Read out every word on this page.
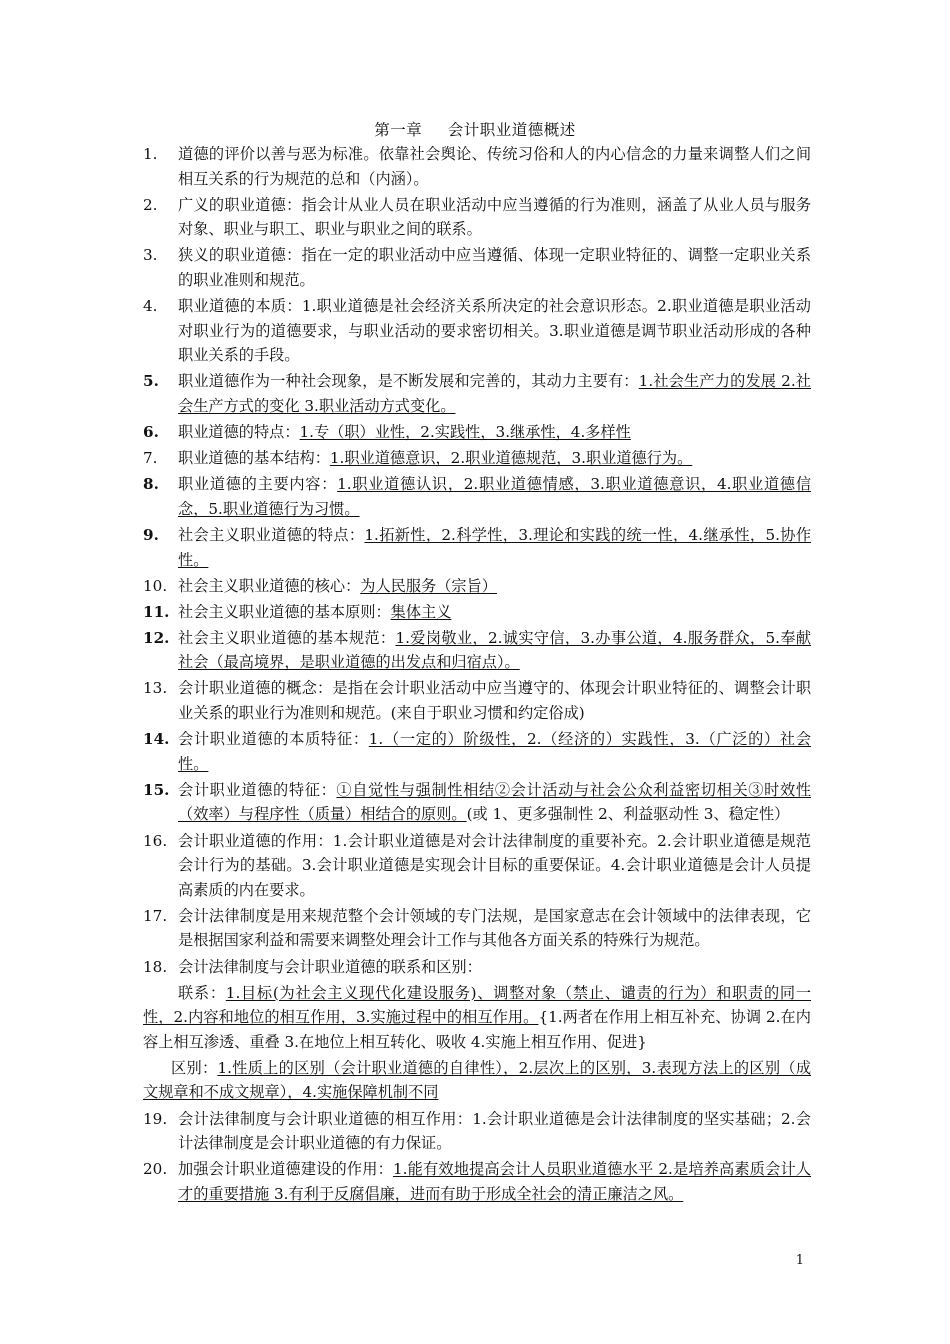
第一章 会计职业道德概述
1.	道德的评价以善与恶为标准。依靠社会舆论、传统习俗和人的内心信念的力量来调整人们之间相互关系的行为规范的总和（内涵）。
2.	广义的职业道德：指会计从业人员在职业活动中应当遵循的行为准则，涵盖了从业人员与服务对象、职业与职工、职业与职业之间的联系。
3.	狭义的职业道德：指在一定的职业活动中应当遵循、体现一定职业特征的、调整一定职业关系的职业准则和规范。
4.	职业道德的本质：1.职业道德是社会经济关系所决定的社会意识形态。2.职业道德是职业活动对职业行为的道德要求，与职业活动的要求密切相关。3.职业道德是调节职业活动形成的各种职业关系的手段。
5.	职业道德作为一种社会现象，是不断发展和完善的，其动力主要有：1.社会生产力的发展 2.社会生产方式的变化 3.职业活动方式变化。
6.	职业道德的特点：1.专（职）业性，2.实践性，3.继承性，4.多样性
7.	职业道德的基本结构：1.职业道德意识，2.职业道德规范，3.职业道德行为。
8.	职业道德的主要内容：1.职业道德认识，2.职业道德情感，3.职业道德意识，4.职业道德信念，5.职业道德行为习惯。
9.	社会主义职业道德的特点：1.拓新性，2.科学性，3.理论和实践的统一性，4.继承性，5.协作性。
10. 社会主义职业道德的核心：为人民服务（宗旨）
11. 社会主义职业道德的基本原则：集体主义
12. 社会主义职业道德的基本规范：1.爱岗敬业，2.诚实守信，3.办事公道，4.服务群众，5.奉献社会（最高境界，是职业道德的出发点和归宿点）。
13. 会计职业道德的概念：是指在会计职业活动中应当遵守的、体现会计职业特征的、调整会计职业关系的职业行为准则和规范。(来自于职业习惯和约定俗成)
14. 会计职业道德的本质特征：1.（一定的）阶级性，2.（经济的）实践性，3.（广泛的）社会性。
15. 会计职业道德的特征：①自觉性与强制性相结②会计活动与社会公众利益密切相关③时效性（效率）与程序性（质量）相结合的原则。(或 1、更多强制性 2、利益驱动性 3、稳定性）
16. 会计职业道德的作用：1.会计职业道德是对会计法律制度的重要补充。2.会计职业道德是规范会计行为的基础。3.会计职业道德是实现会计目标的重要保证。4.会计职业道德是会计人员提高素质的内在要求。
17. 会计法律制度是用来规范整个会计领域的专门法规，是国家意志在会计领域中的法律表现，它是根据国家利益和需要来调整处理会计工作与其他各方面关系的特殊行为规范。
18. 会计法律制度与会计职业道德的联系和区别：
联系：1.目标(为社会主义现代化建设服务)、调整对象（禁止、谴责的行为）和职责的同一性，2.内容和地位的相互作用，3.实施过程中的相互作用。{1.两者在作用上相互补充、协调 2.在内容上相互渗透、重叠 3.在地位上相互转化、吸收 4.实施上相互作用、促进}
区别：1.性质上的区别（会计职业道德的自律性），2.层次上的区别，3.表现方法上的区别（成文规章和不成文规章），4.实施保障机制不同
19. 会计法律制度与会计职业道德的相互作用：1.会计职业道德是会计法律制度的坚实基础；2.会计法律制度是会计职业道德的有力保证。
20. 加强会计职业道德建设的作用：1.能有效地提高会计人员职业道德水平 2.是培养高素质会计人才的重要措施 3.有利于反腐倡廉，进而有助于形成全社会的清正廉洁之风。
1
